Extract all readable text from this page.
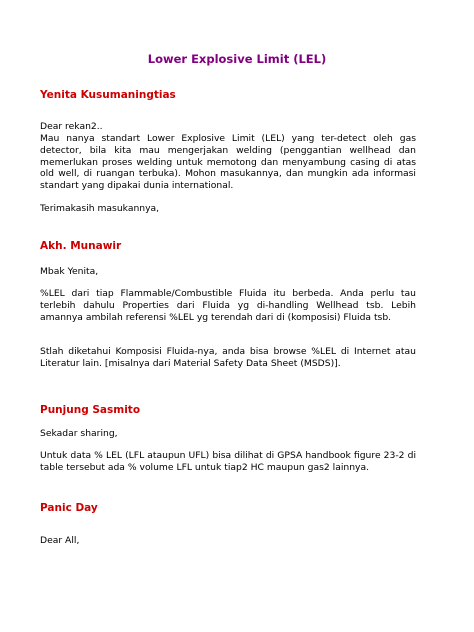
Lower Explosive Limit (LEL)

Yenita Kusumaningtias

Dear rekan2..

Mau nanya standart Lower Explosive Limit (LEL) yang ter-detect oleh gas detector, bila kita mau mengerjakan welding (penggantian wellhead dan memerlukan proses welding untuk memotong dan menyambung casing di atas old well, di ruangan terbuka). Mohon masukannya, dan mungkin ada informasi standart yang dipakai dunia international.

Terimakasih masukannya,

Akh. Munawir

Mbak Yenita,

%LEL dari tiap Flammable/Combustible Fluida itu berbeda. Anda perlu tau terlebih dahulu Properties dari Fluida yg di-handling Wellhead tsb. Lebih amannya ambilah referensi %LEL yg terendah dari di (komposisi) Fluida tsb.

Stlah diketahui Komposisi Fluida-nya, anda bisa browse %LEL di Internet atau Literatur lain. [misalnya dari Material Safety Data Sheet (MSDS)].

Punjung Sasmito

Sekadar sharing,

Untuk data % LEL (LFL ataupun UFL) bisa dilihat di GPSA handbook figure 23-2 di table tersebut ada % volume LFL untuk tiap2 HC maupun gas2 lainnya.

Panic Day

Dear All,
